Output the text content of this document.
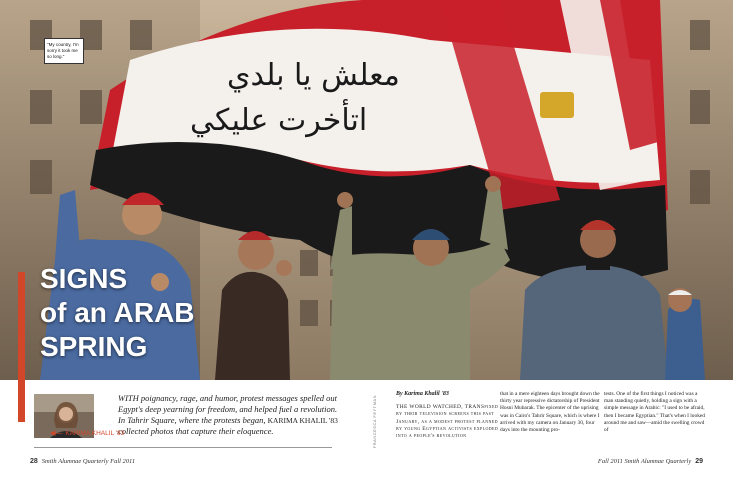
معلش يا بلدي
اتأخرت عليكي
"My country, I'm sorry it took me so long."
SIGNS
of an ARAB
SPRING
WITH poignancy, rage, and humor, protest messages spelled out Egypt's deep yearning for freedom, and helped fuel a revolution. In Tahrir Square, where the protests began, KARIMA KHALIL '83 collected photos that capture their eloquence.
◀— KARIMA KHALIL '83	FRANCESCA FEYTMAN

By Karima Khalil '83

THE WORLD WATCHED, TRANSfixed by their television screens this past January, as a modest protest planned by young Egyptian activists exploded into a people's revolution

that in a mere eighteen days brought down the thirty year repressive dictatorship of President Hosni Mubarak. The epicenter of the uprising was in Cairo's Tahrir Square, which is where I arrived with my camera on January 30, four days into the mounting pro-

tests. One of the first things I noticed was a man standing quietly, holding a sign with a simple message in Arabic: "I used to be afraid, then I became Egyptian." That's when I looked around me and saw—amid the swelling crowd of

28 Smith Alumnae Quarterly Fall 2011	Fall 2011 Smith Alumnae Quarterly 29
